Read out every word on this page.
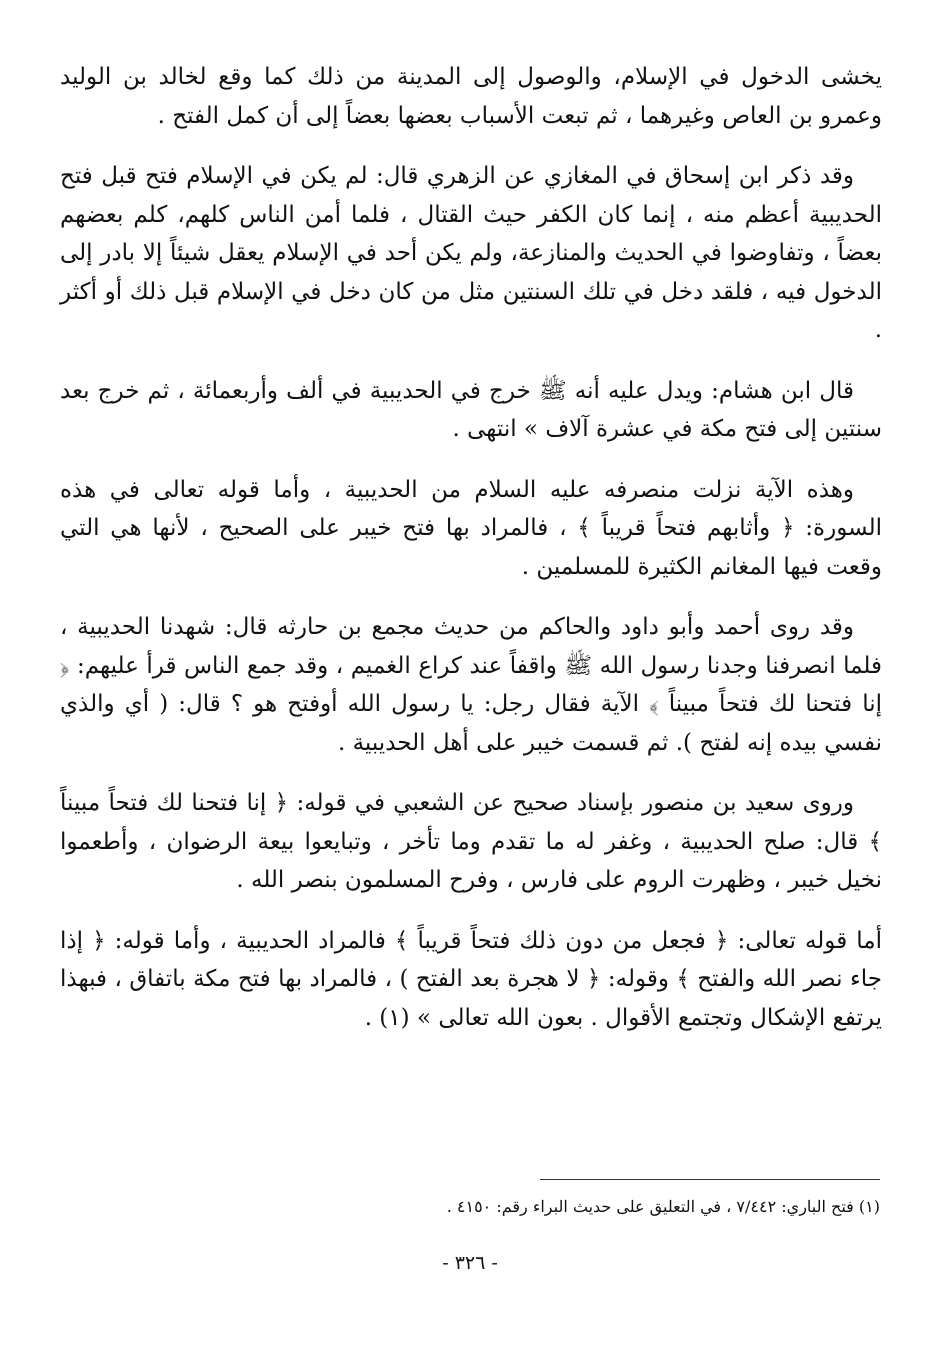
يخشى الدخول في الإسلام، والوصول إلى المدينة من ذلك كما وقع لخالد بن الوليد وعمرو بن العاص وغيرهما ، ثم تبعت الأسباب بعضها بعضاً إلى أن كمل الفتح .

وقد ذكر ابن إسحاق في المغازي عن الزهري قال: لم يكن في الإسلام فتح قبل فتح الحديبية أعظم منه ، إنما كان الكفر حيث القتال ، فلما أمن الناس كلهم، كلم بعضهم بعضاً ، وتفاوضوا في الحديث والمنازعة، ولم يكن أحد في الإسلام يعقل شيئاً إلا بادر إلى الدخول فيه ، فلقد دخل في تلك السنتين مثل من كان دخل في الإسلام قبل ذلك أو أكثر .

قال ابن هشام: ويدل عليه أنه ﷺ خرج في الحديبية في ألف وأربعمائة ، ثم خرج بعد سنتين إلى فتح مكة في عشرة آلاف » انتهى .

وهذه الآية نزلت منصرفه عليه السلام من الحديبية ، وأما قوله تعالى في هذه السورة: ﴿ وأثابهم فتحاً قريباً ﴾ ، فالمراد بها فتح خيبر على الصحيح ، لأنها هي التي وقعت فيها المغانم الكثيرة للمسلمين .

وقد روى أحمد وأبو داود والحاكم من حديث مجمع بن حارثه قال: شهدنا الحديبية ، فلما انصرفنا وجدنا رسول الله ﷺ واقفاً عند كراع الغميم ، وقد جمع الناس قرأ عليهم: ﴿ إنا فتحنا لك فتحاً مبيناً ﴾ الآية فقال رجل: يا رسول الله أوفتح هو ؟ قال: ( أي والذي نفسي بيده إنه لفتح ). ثم قسمت خيبر على أهل الحديبية .

وروى سعيد بن منصور بإسناد صحيح عن الشعبي في قوله: ﴿ إنا فتحنا لك فتحاً مبيناً ﴾ قال: صلح الحديبية ، وغفر له ما تقدم وما تأخر ، وتبايعوا بيعة الرضوان ، وأطعموا نخيل خيبر ، وظهرت الروم على فارس ، وفرح المسلمون بنصر الله .

أما قوله تعالى: ﴿ فجعل من دون ذلك فتحاً قريباً ﴾ فالمراد الحديبية ، وأما قوله: ﴿ إذا جاء نصر الله والفتح ﴾ وقوله: ﴿ لا هجرة بعد الفتح ) ، فالمراد بها فتح مكة باتفاق ، فبهذا يرتفع الإشكال وتجتمع الأقوال . بعون الله تعالى » (١) .

(١) فتح الباري: ٧/٤٤٢ ، في التعليق على حديث البراء رقم: ٤١٥٠ .
- ٣٢٦ -
